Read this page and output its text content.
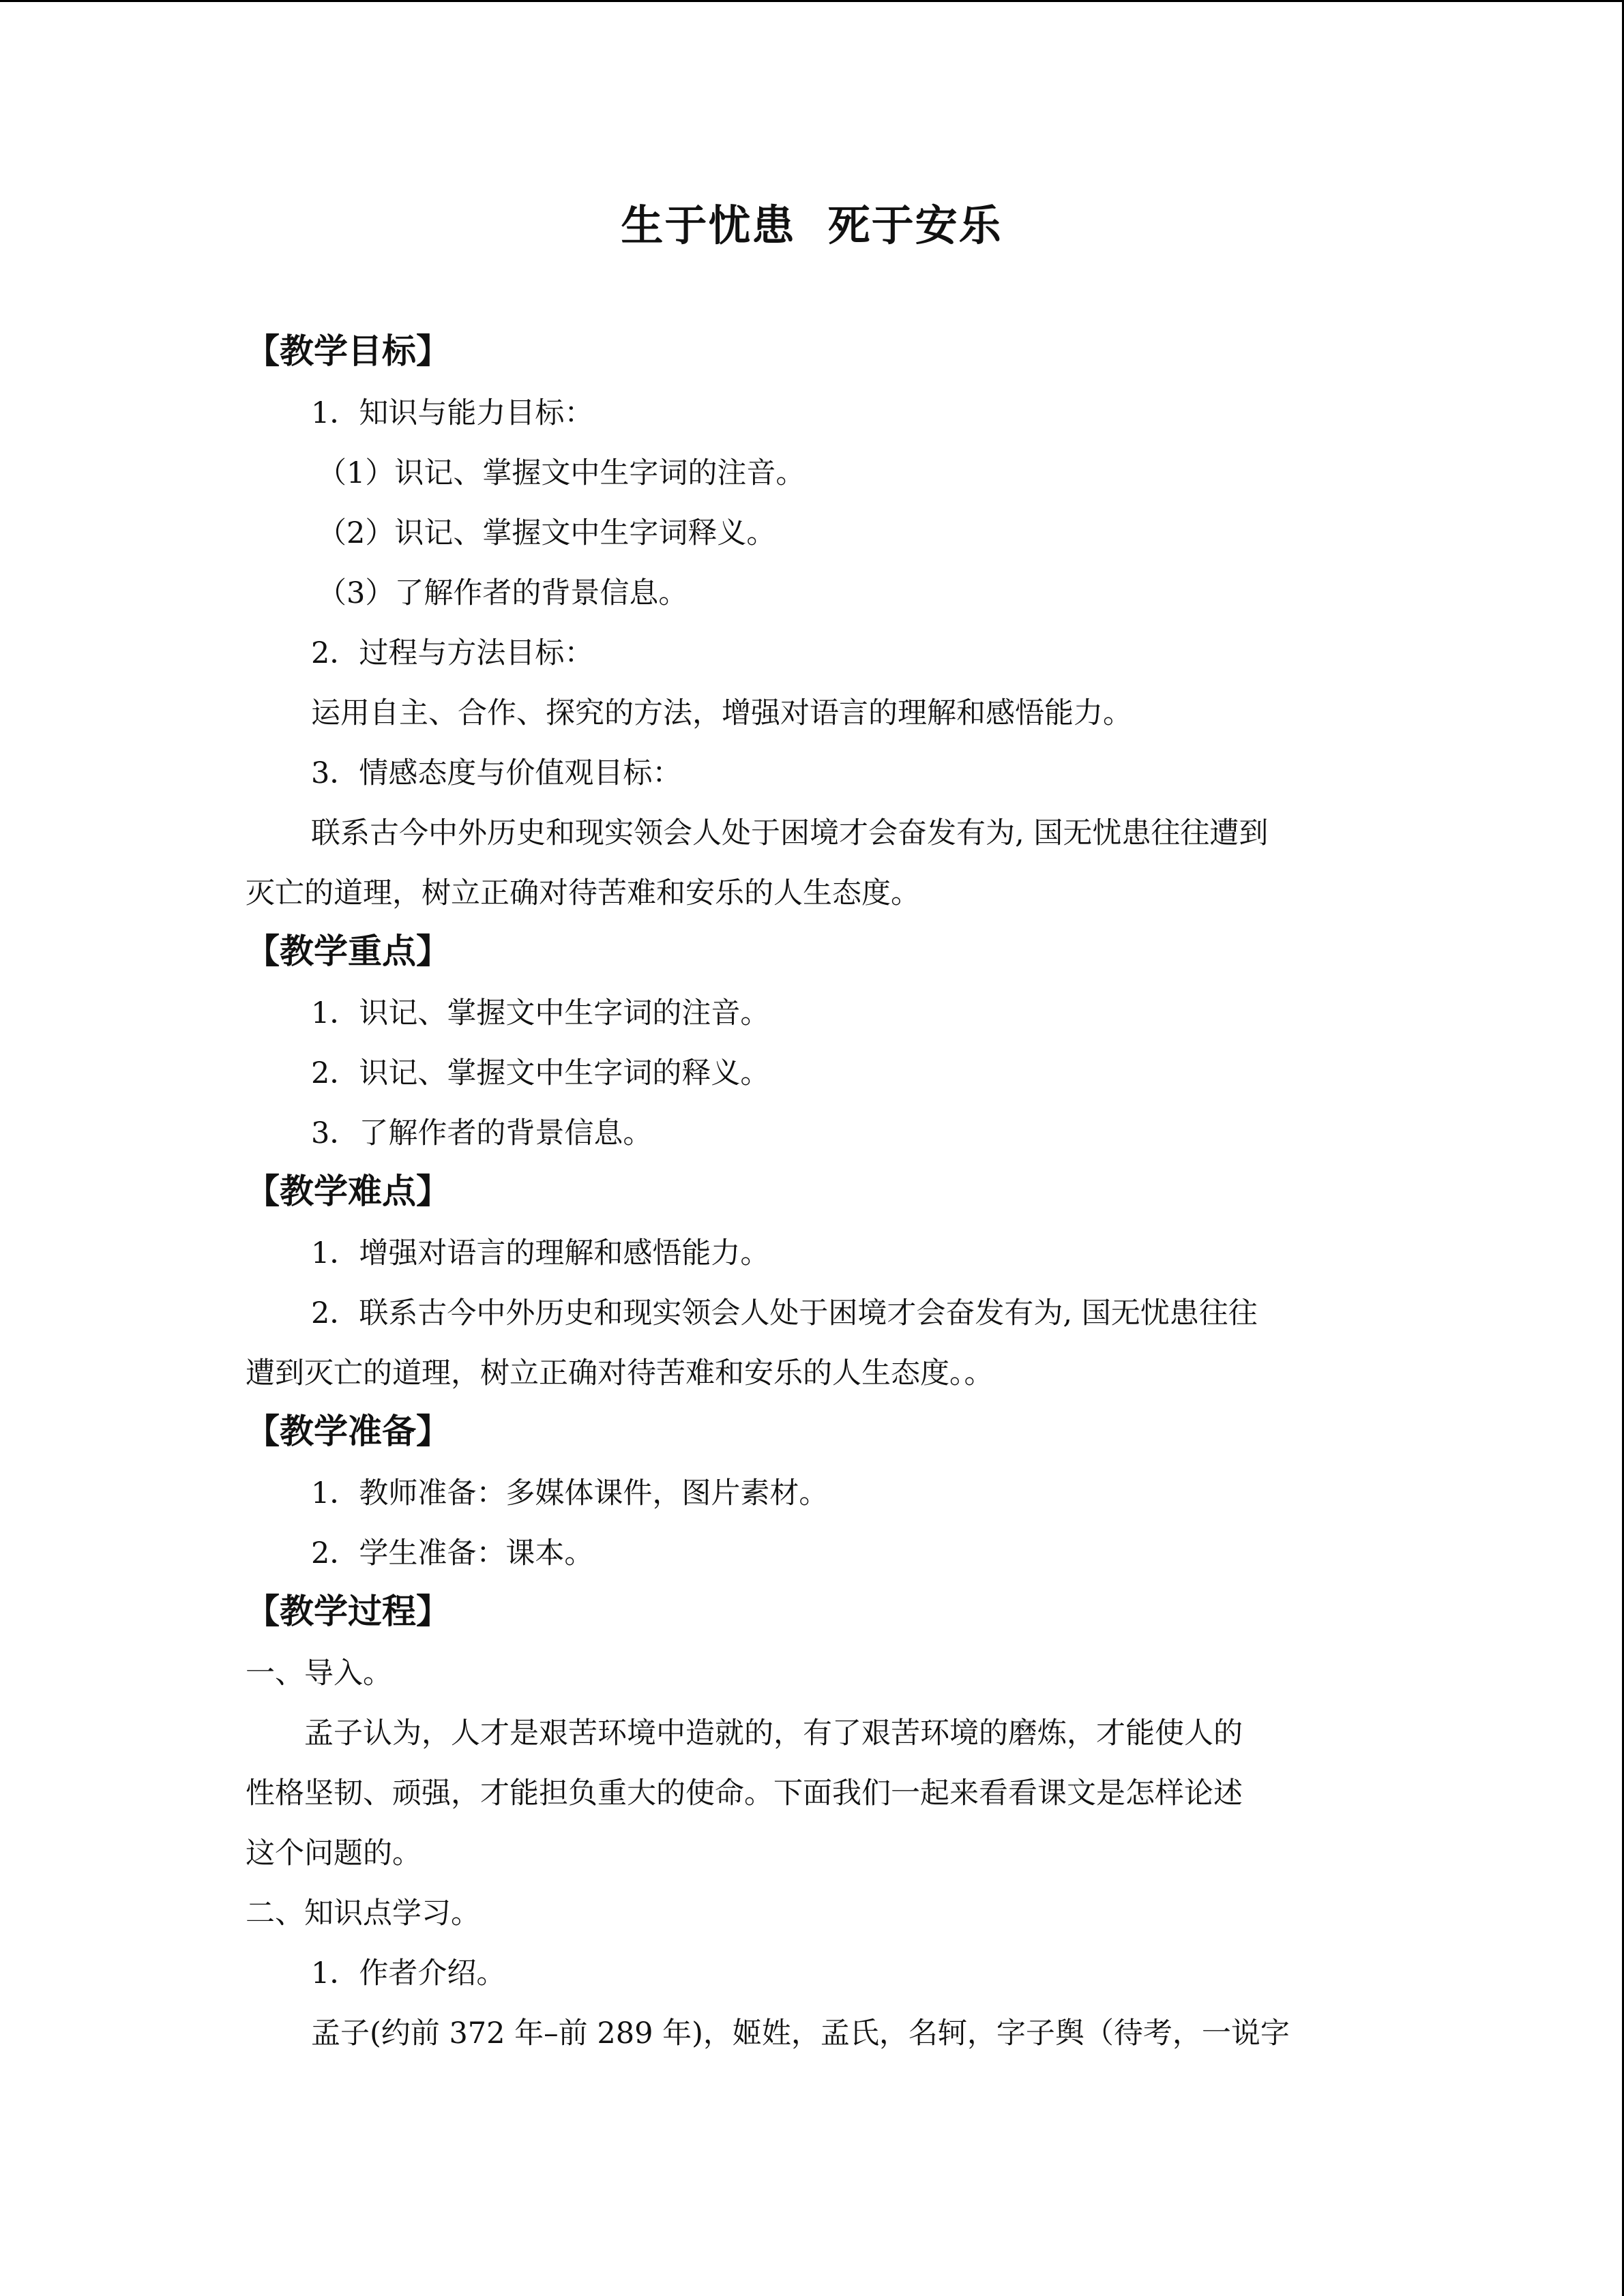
生于忧患  死于安乐
【教学目标】
1．知识与能力目标：
（1）识记、掌握文中生字词的注音。
（2）识记、掌握文中生字词释义。
（3）了解作者的背景信息。
2．过程与方法目标：
运用自主、合作、探究的方法，增强对语言的理解和感悟能力。
3．情感态度与价值观目标：
联系古今中外历史和现实领会人处于困境才会奋发有为, 国无忧患往往遭到
灭亡的道理，树立正确对待苦难和安乐的人生态度。
【教学重点】
1．识记、掌握文中生字词的注音。
2．识记、掌握文中生字词的释义。
3．了解作者的背景信息。
【教学难点】
1．增强对语言的理解和感悟能力。
2．联系古今中外历史和现实领会人处于困境才会奋发有为, 国无忧患往往
遭到灭亡的道理，树立正确对待苦难和安乐的人生态度。。
【教学准备】
1．教师准备：多媒体课件，图片素材。
2．学生准备：课本。
【教学过程】
一、导入。
孟子认为，人才是艰苦环境中造就的，有了艰苦环境的磨炼，才能使人的
性格坚韧、顽强，才能担负重大的使命。下面我们一起来看看课文是怎样论述
这个问题的。
二、知识点学习。
1．作者介绍。
孟子(约前 372 年–前 289 年)，姬姓，孟氏，名轲，字子舆（待考，一说字
